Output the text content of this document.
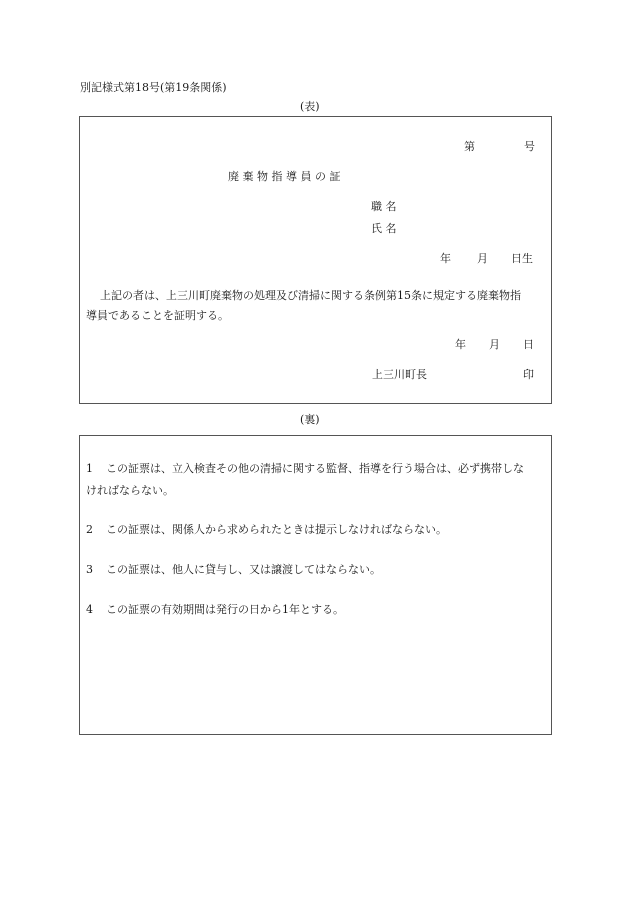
別記様式第18号(第19条関係)
(表)
第	号
廃 棄 物 指 導 員 の 証
職 名
氏 名
年 月 日生
上記の者は、上三川町廃棄物の処理及び清掃に関する条例第15条に規定する廃棄物指
導員であることを証明する。
年 月 日
上三川町長	印
(裏)
1 この証票は、立入検査その他の清掃に関する監督、指導を行う場合は、必ず携帯しな
ければならない。
2 この証票は、関係人から求められたときは提示しなければならない。
3 この証票は、他人に貸与し、又は譲渡してはならない。
4 この証票の有効期間は発行の日から1年とする。
